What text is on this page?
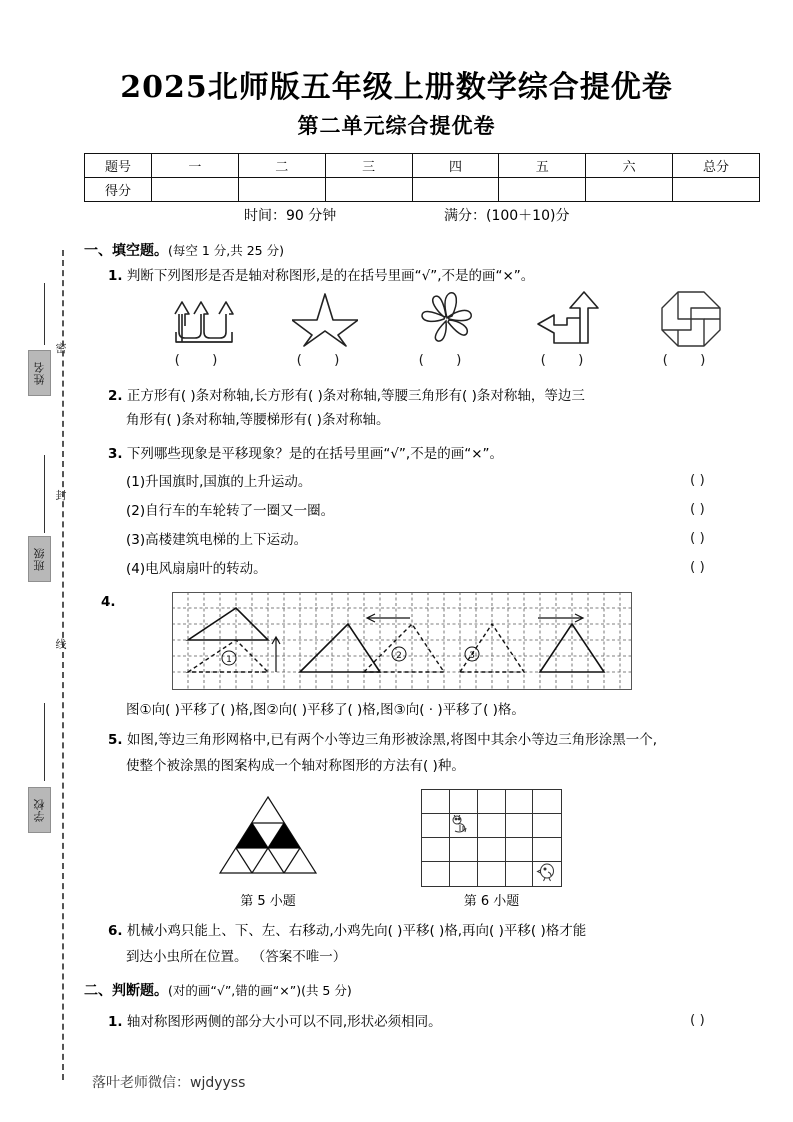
密
姓名
封
班级
线
学校
2025北师版五年级上册数学综合提优卷
第二单元综合提优卷
题号	一	二	三	四	五	六	总分
得分							
时间：90 分钟	满分：(100＋10)分
一、填空题。(每空 1 分,共 25 分)
1. 判断下列图形是否是轴对称图形,是的在括号里画“√”,不是的画“×”。
( )	( )	( )	( )	( )
2. 正方形有( )条对称轴,长方形有( )条对称轴,等腰三角形有( )条对称轴，等边三
角形有( )条对称轴,等腰梯形有( )条对称轴。
3. 下列哪些现象是平移现象？是的在括号里画“√”,不是的画“×”。
(1)升国旗时,国旗的上升运动。	( )
(2)自行车的车轮转了一圈又一圈。	( )
(3)高楼建筑电梯的上下运动。	( )
(4)电风扇扇叶的转动。	( )
4.
1	2	3
图①向( )平移了( )格,图②向( )平移了( )格,图③向( · )平移了( )格。
5. 如图,等边三角形网格中,已有两个小等边三角形被涂黑,将图中其余小等边三角形涂黑一个,
使整个被涂黑的图案构成一个轴对称图形的方法有( )种。
第 5 小题

					第 6 小题
6. 机械小鸡只能上、下、左、右移动,小鸡先向( )平移( )格,再向( )平移( )格才能
到达小虫所在位置。 （答案不唯一）
二、判断题。(对的画“√”,错的画“×”)(共 5 分)
1. 轴对称图形两侧的部分大小可以不同,形状必须相同。	( )
落叶老师微信：wjdyyss
